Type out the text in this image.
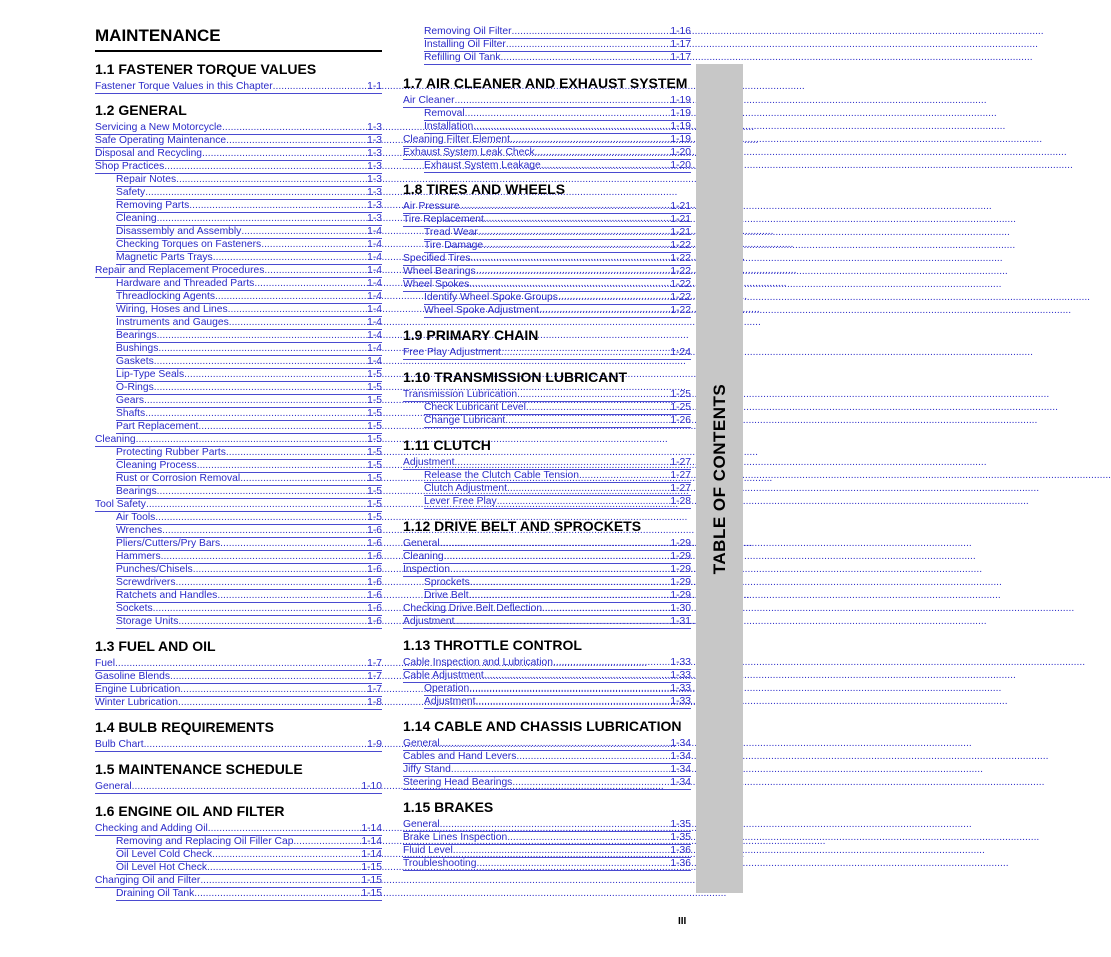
MAINTENANCE
1.1 FASTENER TORQUE VALUES
Fastener Torque Values in this Chapter .....	1-1
1.2 GENERAL
Servicing a New Motorcycle .....	1-3
Safe Operating Maintenance .....	1-3
Disposal and Recycling .....	1-3
Shop Practices .....	1-3
Repair Notes .....	1-3
Safety .....	1-3
Removing Parts .....	1-3
Cleaning .....	1-3
Disassembly and Assembly .....	1-4
Checking Torques on Fasteners .....	1-4
Magnetic Parts Trays .....	1-4
Repair and Replacement Procedures .....	1-4
Hardware and Threaded Parts .....	1-4
Threadlocking Agents .....	1-4
Wiring, Hoses and Lines .....	1-4
Instruments and Gauges .....	1-4
Bearings .....	1-4
Bushings .....	1-4
Gaskets .....	1-4
Lip-Type Seals .....	1-5
O-Rings .....	1-5
Gears .....	1-5
Shafts .....	1-5
Part Replacement .....	1-5
Cleaning .....	1-5
Protecting Rubber Parts .....	1-5
Cleaning Process .....	1-5
Rust or Corrosion Removal .....	1-5
Bearings .....	1-5
Tool Safety .....	1-5
Air Tools .....	1-5
Wrenches .....	1-6
Pliers/Cutters/Pry Bars .....	1-6
Hammers .....	1-6
Punches/Chisels .....	1-6
Screwdrivers .....	1-6
Ratchets and Handles .....	1-6
Sockets .....	1-6
Storage Units .....	1-6
1.3 FUEL AND OIL
Fuel .....	1-7
Gasoline Blends .....	1-7
Engine Lubrication .....	1-7
Winter Lubrication .....	1-8
1.4 BULB REQUIREMENTS
Bulb Chart .....	1-9
1.5 MAINTENANCE SCHEDULE
General .....	1-10
1.6 ENGINE OIL AND FILTER
Checking and Adding Oil .....	1-14
Removing and Replacing Oil Filler Cap .....	1-14
Oil Level Cold Check .....	1-14
Oil Level Hot Check .....	1-15
Changing Oil and Filter .....	1-15
Draining Oil Tank .....	1-15
Removing Oil Filter .....	1-16
Installing Oil Filter .....	1-17
Refilling Oil Tank .....	1-17
1.7 AIR CLEANER AND EXHAUST SYSTEM
Air Cleaner .....	1-19
Removal .....	1-19
Installation .....	1-19
Cleaning Filter Element .....	1-19
Exhaust System Leak Check .....	1-20
Exhaust System Leakage .....	1-20
1.8 TIRES AND WHEELS
Air Pressure .....	1-21
Tire Replacement .....	1-21
Tread Wear .....	1-21
Tire Damage .....	1-22
Specified Tires .....	1-22
Wheel Bearings .....	1-22
Wheel Spokes .....	1-22
Identify Wheel Spoke Groups .....	1-22
Wheel Spoke Adjustment .....	1-22
1.9 PRIMARY CHAIN
Free Play Adjustment .....	1-24
1.10 TRANSMISSION LUBRICANT
Transmission Lubrication .....	1-25
Check Lubricant Level .....	1-25
Change Lubricant .....	1-26
1.11 CLUTCH
Adjustment .....	1-27
Release the Clutch Cable Tension .....	1-27
Clutch Adjustment .....	1-27
Lever Free Play .....	1-28
1.12 DRIVE BELT AND SPROCKETS
General .....	1-29
Cleaning .....	1-29
Inspection .....	1-29
Sprockets .....	1-29
Drive Belt .....	1-29
Checking Drive Belt Deflection .....	1-30
Adjustment .....	1-31
1.13 THROTTLE CONTROL
Cable Inspection and Lubrication .....	1-33
Cable Adjustment .....	1-33
Operation .....	1-33
Adjustment .....	1-33
1.14 CABLE AND CHASSIS LUBRICATION
General .....	1-34
Cables and Hand Levers .....	1-34
Jiffy Stand .....	1-34
Steering Head Bearings .....	1-34
1.15 BRAKES
General .....	1-35
Brake Lines Inspection .....	1-35
Fluid Level .....	1-36
Troubleshooting .....	1-36
TABLE OF CONTENTS
III
